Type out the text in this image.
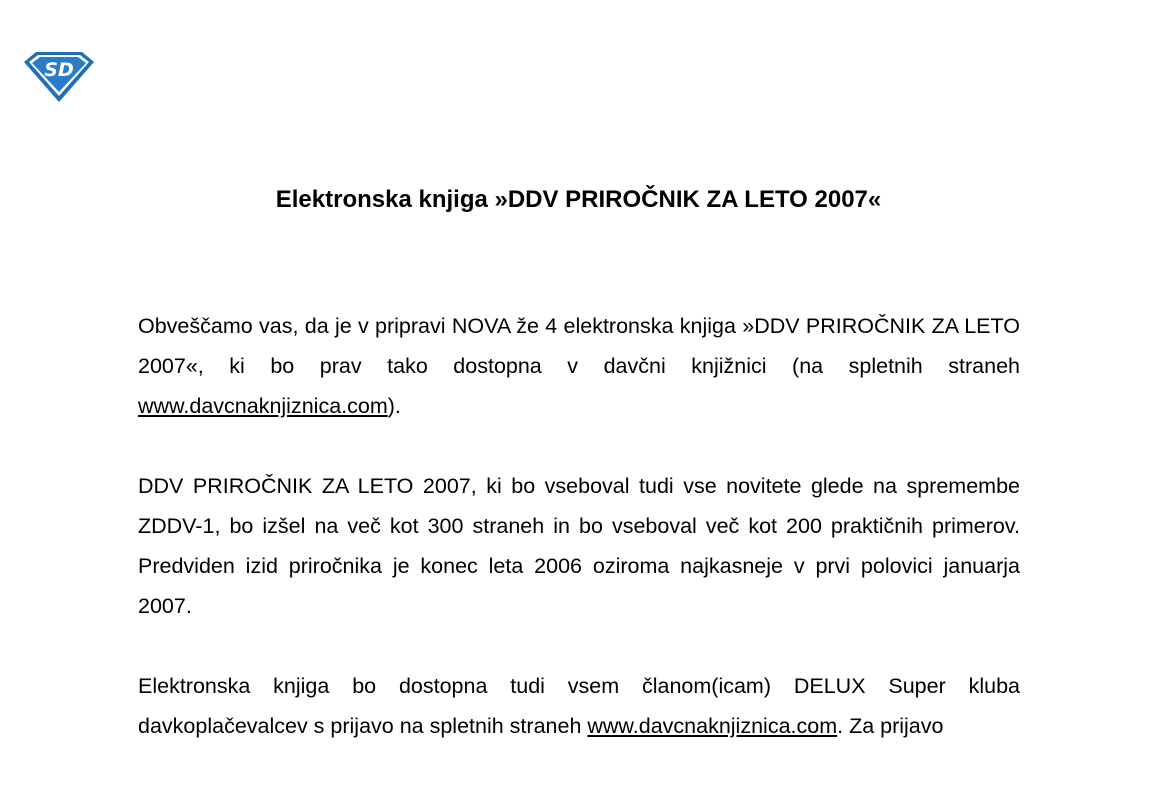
SD
Elektronska knjiga »DDV PRIROČNIK ZA LETO 2007«

Obveščamo vas, da je v pripravi NOVA že 4 elektronska knjiga »DDV PRIROČNIK ZA LETO 2007«, ki bo prav tako dostopna v davčni knjižnici (na spletnih straneh www.davcnaknjiznica.com).

DDV PRIROČNIK ZA LETO 2007, ki bo vseboval tudi vse novitete glede na spremembe ZDDV-1, bo izšel na več kot 300 straneh in bo vseboval več kot 200 praktičnih primerov. Predviden izid priročnika je konec leta 2006 oziroma najkasneje v prvi polovici januarja 2007.

Elektronska knjiga bo dostopna tudi vsem članom(icam) DELUX Super kluba davkoplačevalcev s prijavo na spletnih straneh www.davcnaknjiznica.com. Za prijavo
